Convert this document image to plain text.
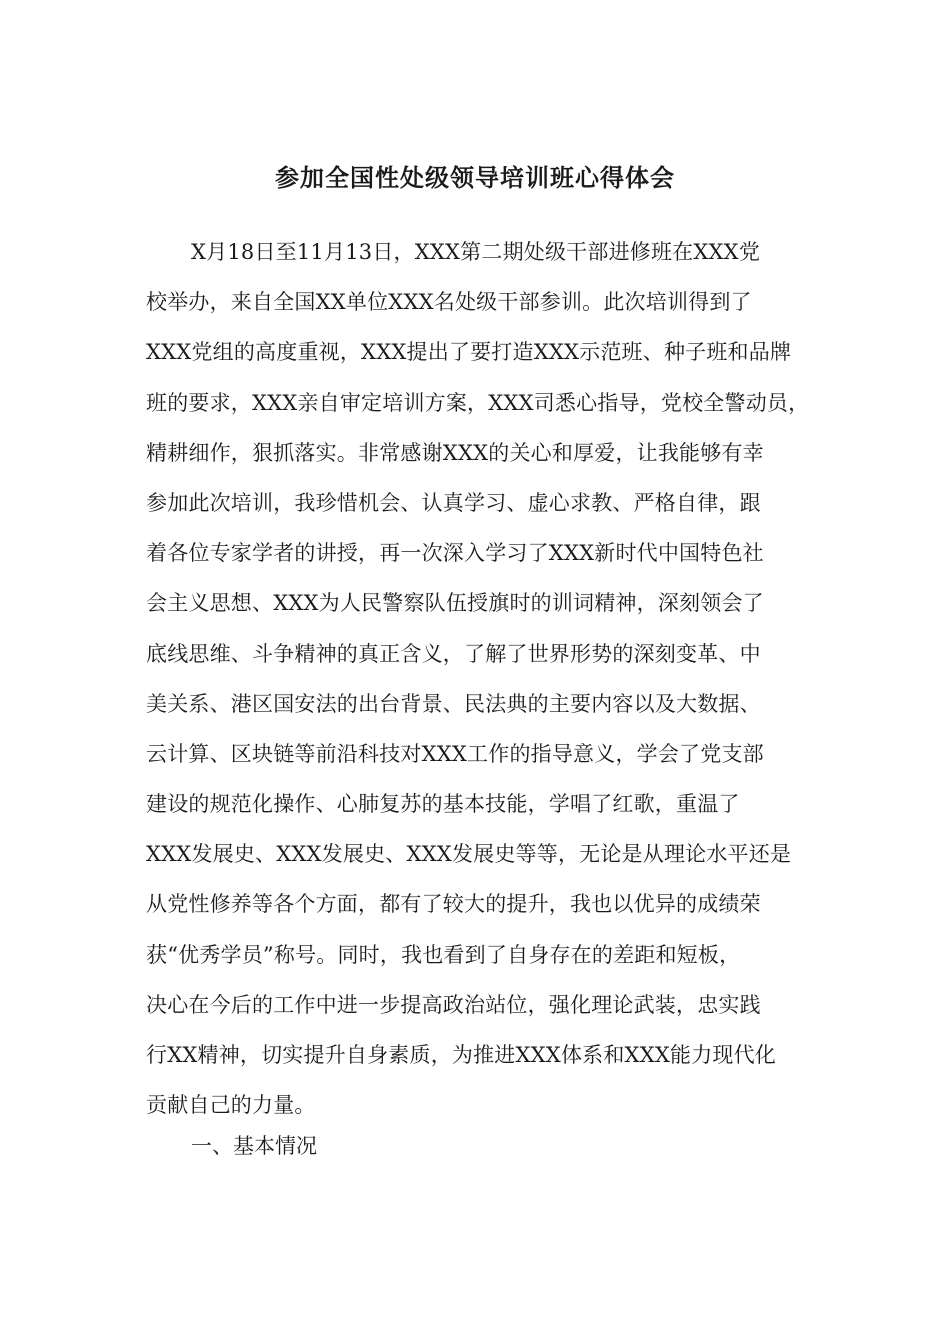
参加全国性处级领导培训班心得体会
X月18日至11月13日，XXX第二期处级干部进修班在XXX党
校举办，来自全国XX单位XXX名处级干部参训。此次培训得到了
XXX党组的高度重视，XXX提出了要打造XXX示范班、种子班和品牌
班的要求，XXX亲自审定培训方案，XXX司悉心指导，党校全警动员，
精耕细作，狠抓落实。非常感谢XXX的关心和厚爱，让我能够有幸
参加此次培训，我珍惜机会、认真学习、虚心求教、严格自律，跟
着各位专家学者的讲授，再一次深入学习了XXX新时代中国特色社
会主义思想、XXX为人民警察队伍授旗时的训词精神，深刻领会了
底线思维、斗争精神的真正含义，了解了世界形势的深刻变革、中
美关系、港区国安法的出台背景、民法典的主要内容以及大数据、
云计算、区块链等前沿科技对XXX工作的指导意义，学会了党支部
建设的规范化操作、心肺复苏的基本技能，学唱了红歌，重温了
XXX发展史、XXX发展史、XXX发展史等等，无论是从理论水平还是
从党性修养等各个方面，都有了较大的提升，我也以优异的成绩荣
获“优秀学员”称号。同时，我也看到了自身存在的差距和短板，
决心在今后的工作中进一步提高政治站位，强化理论武装，忠实践
行XX精神，切实提升自身素质，为推进XXX体系和XXX能力现代化
贡献自己的力量。
一、基本情况
